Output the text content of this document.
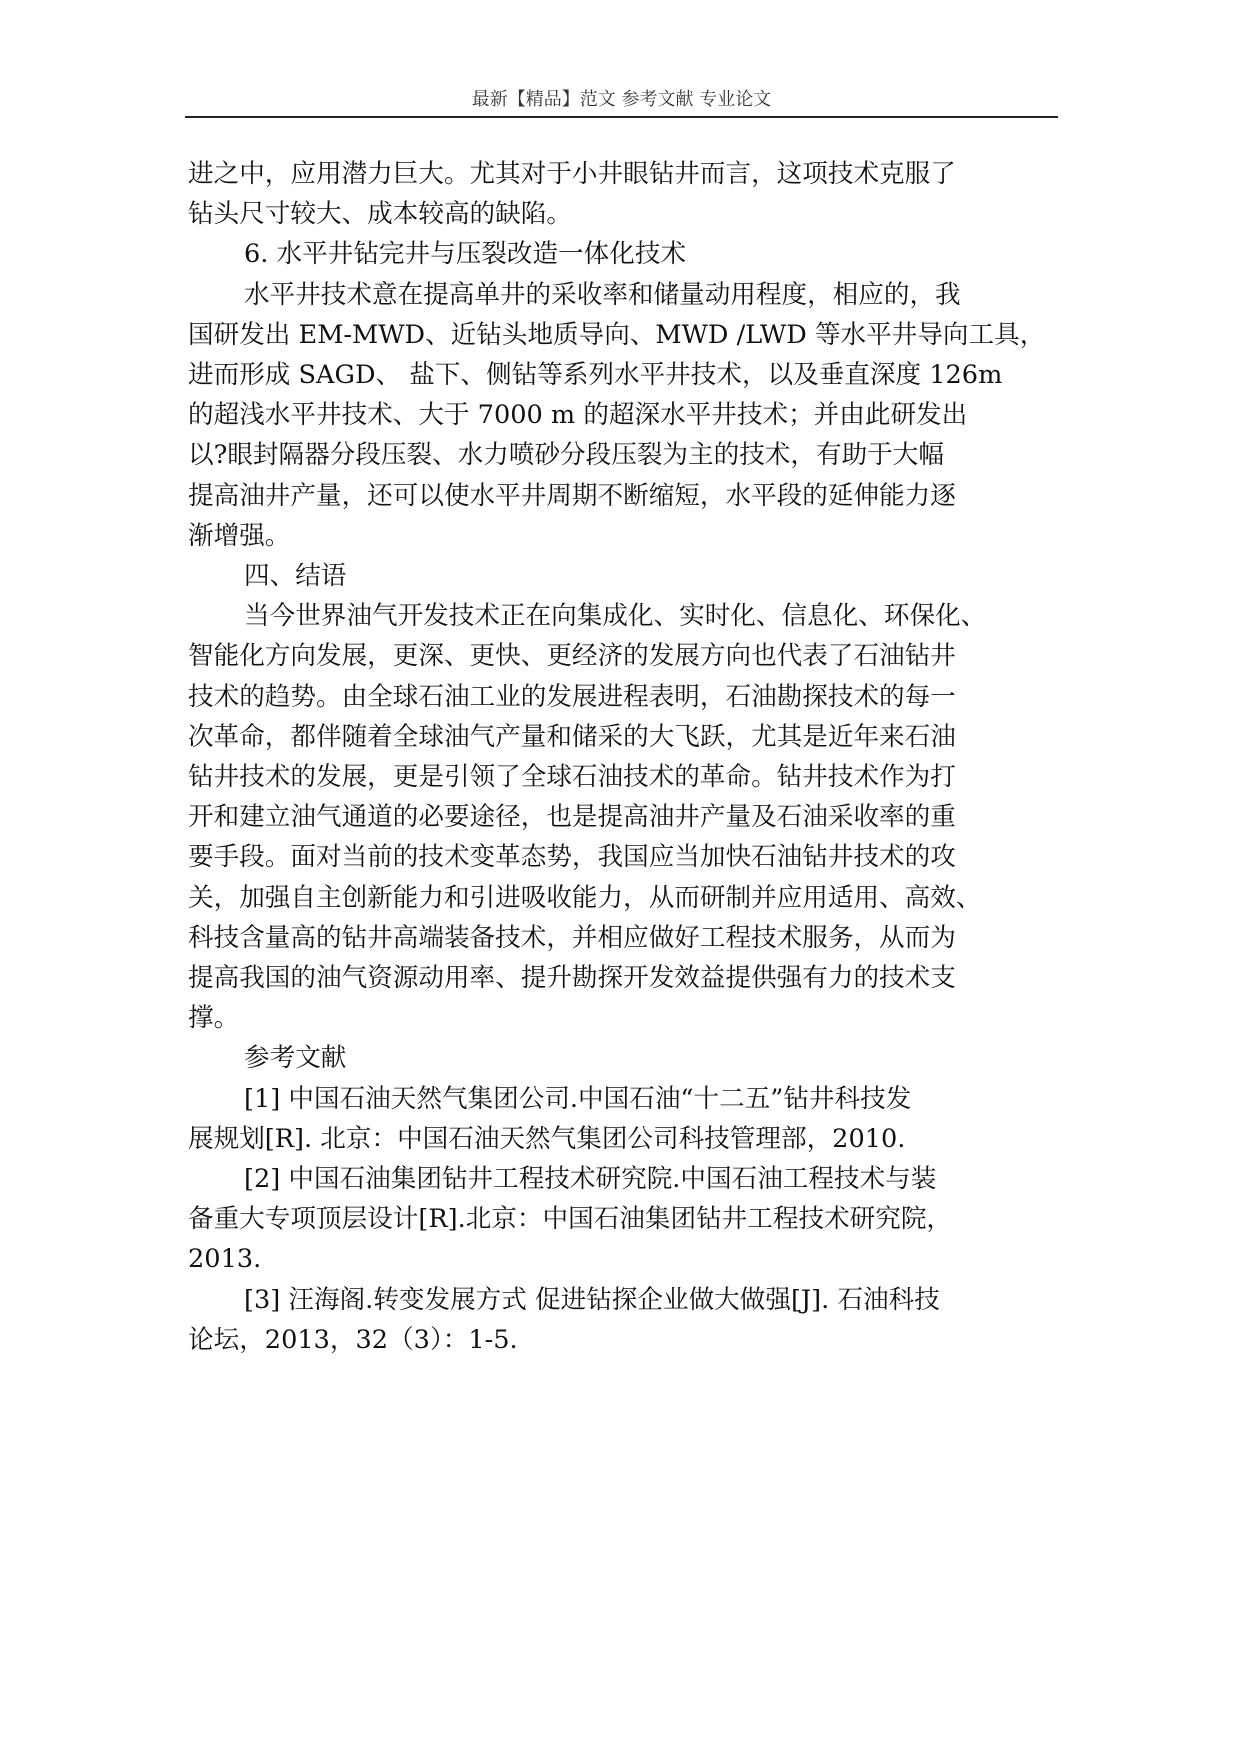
最新【精品】范文 参考文献 专业论文

进之中，应用潜力巨大。尤其对于小井眼钻井而言，这项技术克服了

钻头尺寸较大、成本较高的缺陷。

6. 水平井钻完井与压裂改造一体化技术

水平井技术意在提高单井的采收率和储量动用程度，相应的，我

国研发出 EM-MWD、近钻头地质导向、MWD /LWD 等水平井导向工具，

进而形成 SAGD、 盐下、侧钻等系列水平井技术，以及垂直深度 126m

的超浅水平井技术、大于 7000 m 的超深水平井技术；并由此研发出

以?眼封隔器分段压裂、水力喷砂分段压裂为主的技术，有助于大幅

提高油井产量，还可以使水平井周期不断缩短，水平段的延伸能力逐

渐增强。

四、结语

当今世界油气开发技术正在向集成化、实时化、信息化、环保化、

智能化方向发展，更深、更快、更经济的发展方向也代表了石油钻井

技术的趋势。由全球石油工业的发展进程表明，石油勘探技术的每一

次革命，都伴随着全球油气产量和储采的大飞跃，尤其是近年来石油

钻井技术的发展，更是引领了全球石油技术的革命。钻井技术作为打

开和建立油气通道的必要途径，也是提高油井产量及石油采收率的重

要手段。面对当前的技术变革态势，我国应当加快石油钻井技术的攻

关，加强自主创新能力和引进吸收能力，从而研制并应用适用、高效、

科技含量高的钻井高端装备技术，并相应做好工程技术服务，从而为

提高我国的油气资源动用率、提升勘探开发效益提供强有力的技术支

撑。

参考文献

[1] 中国石油天然气集团公司.中国石油“十二五”钻井科技发

展规划[R]. 北京：中国石油天然气集团公司科技管理部，2010.

[2] 中国石油集团钻井工程技术研究院.中国石油工程技术与装

备重大专项顶层设计[R].北京：中国石油集团钻井工程技术研究院，

2013.

[3] 汪海阁.转变发展方式 促进钻探企业做大做强[J]. 石油科技

论坛，2013，32（3）：1-5.
